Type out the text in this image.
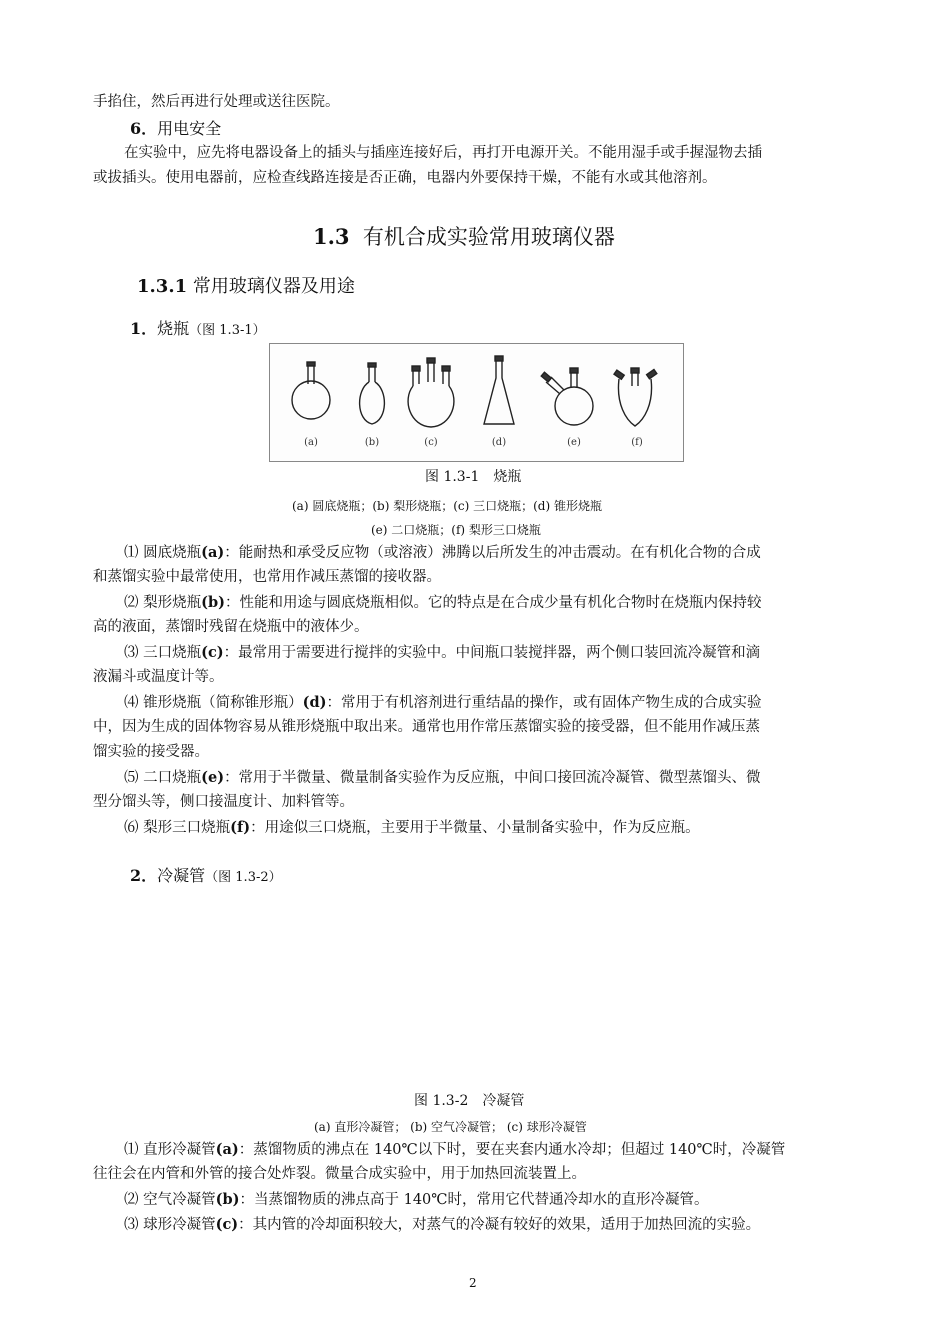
手掐住，然后再进行处理或送往医院。
6．用电安全
在实验中，应先将电器设备上的插头与插座连接好后，再打开电源开关。不能用湿手或手握湿物去插
或拔插头。使用电器前，应检查线路连接是否正确，电器内外要保持干燥，不能有水或其他溶剂。
1.3 有机合成实验常用玻璃仪器
1.3.1 常用玻璃仪器及用途
1．烧瓶（图 1.3-1）
(a)	(b)	(c)	(d)	(e)	(f)
图 1.3-1　烧瓶
(a) 圆底烧瓶；(b) 梨形烧瓶；(c) 三口烧瓶；(d) 锥形烧瓶
(e) 二口烧瓶；(f) 梨形三口烧瓶
⑴ 圆底烧瓶(a)：能耐热和承受反应物（或溶液）沸腾以后所发生的冲击震动。在有机化合物的合成
和蒸馏实验中最常使用，也常用作减压蒸馏的接收器。
⑵ 梨形烧瓶(b)：性能和用途与圆底烧瓶相似。它的特点是在合成少量有机化合物时在烧瓶内保持较
高的液面，蒸馏时残留在烧瓶中的液体少。
⑶ 三口烧瓶(c)：最常用于需要进行搅拌的实验中。中间瓶口装搅拌器，两个侧口装回流冷凝管和滴
液漏斗或温度计等。
⑷ 锥形烧瓶（简称锥形瓶）(d)：常用于有机溶剂进行重结晶的操作，或有固体产物生成的合成实验
中，因为生成的固体物容易从锥形烧瓶中取出来。通常也用作常压蒸馏实验的接受器，但不能用作减压蒸
馏实验的接受器。
⑸ 二口烧瓶(e)：常用于半微量、微量制备实验作为反应瓶，中间口接回流冷凝管、微型蒸馏头、微
型分馏头等，侧口接温度计、加料管等。
⑹ 梨形三口烧瓶(f)：用途似三口烧瓶，主要用于半微量、小量制备实验中，作为反应瓶。
2．冷凝管（图 1.3-2）
图 1.3-2　冷凝管
(a) 直形冷凝管； (b) 空气冷凝管； (c) 球形冷凝管
⑴ 直形冷凝管(a)：蒸馏物质的沸点在 140℃以下时，要在夹套内通水冷却；但超过 140℃时，冷凝管
往往会在内管和外管的接合处炸裂。微量合成实验中，用于加热回流装置上。
⑵ 空气冷凝管(b)：当蒸馏物质的沸点高于 140℃时，常用它代替通冷却水的直形冷凝管。
⑶ 球形冷凝管(c)：其内管的冷却面积较大，对蒸气的冷凝有较好的效果，适用于加热回流的实验。
2
